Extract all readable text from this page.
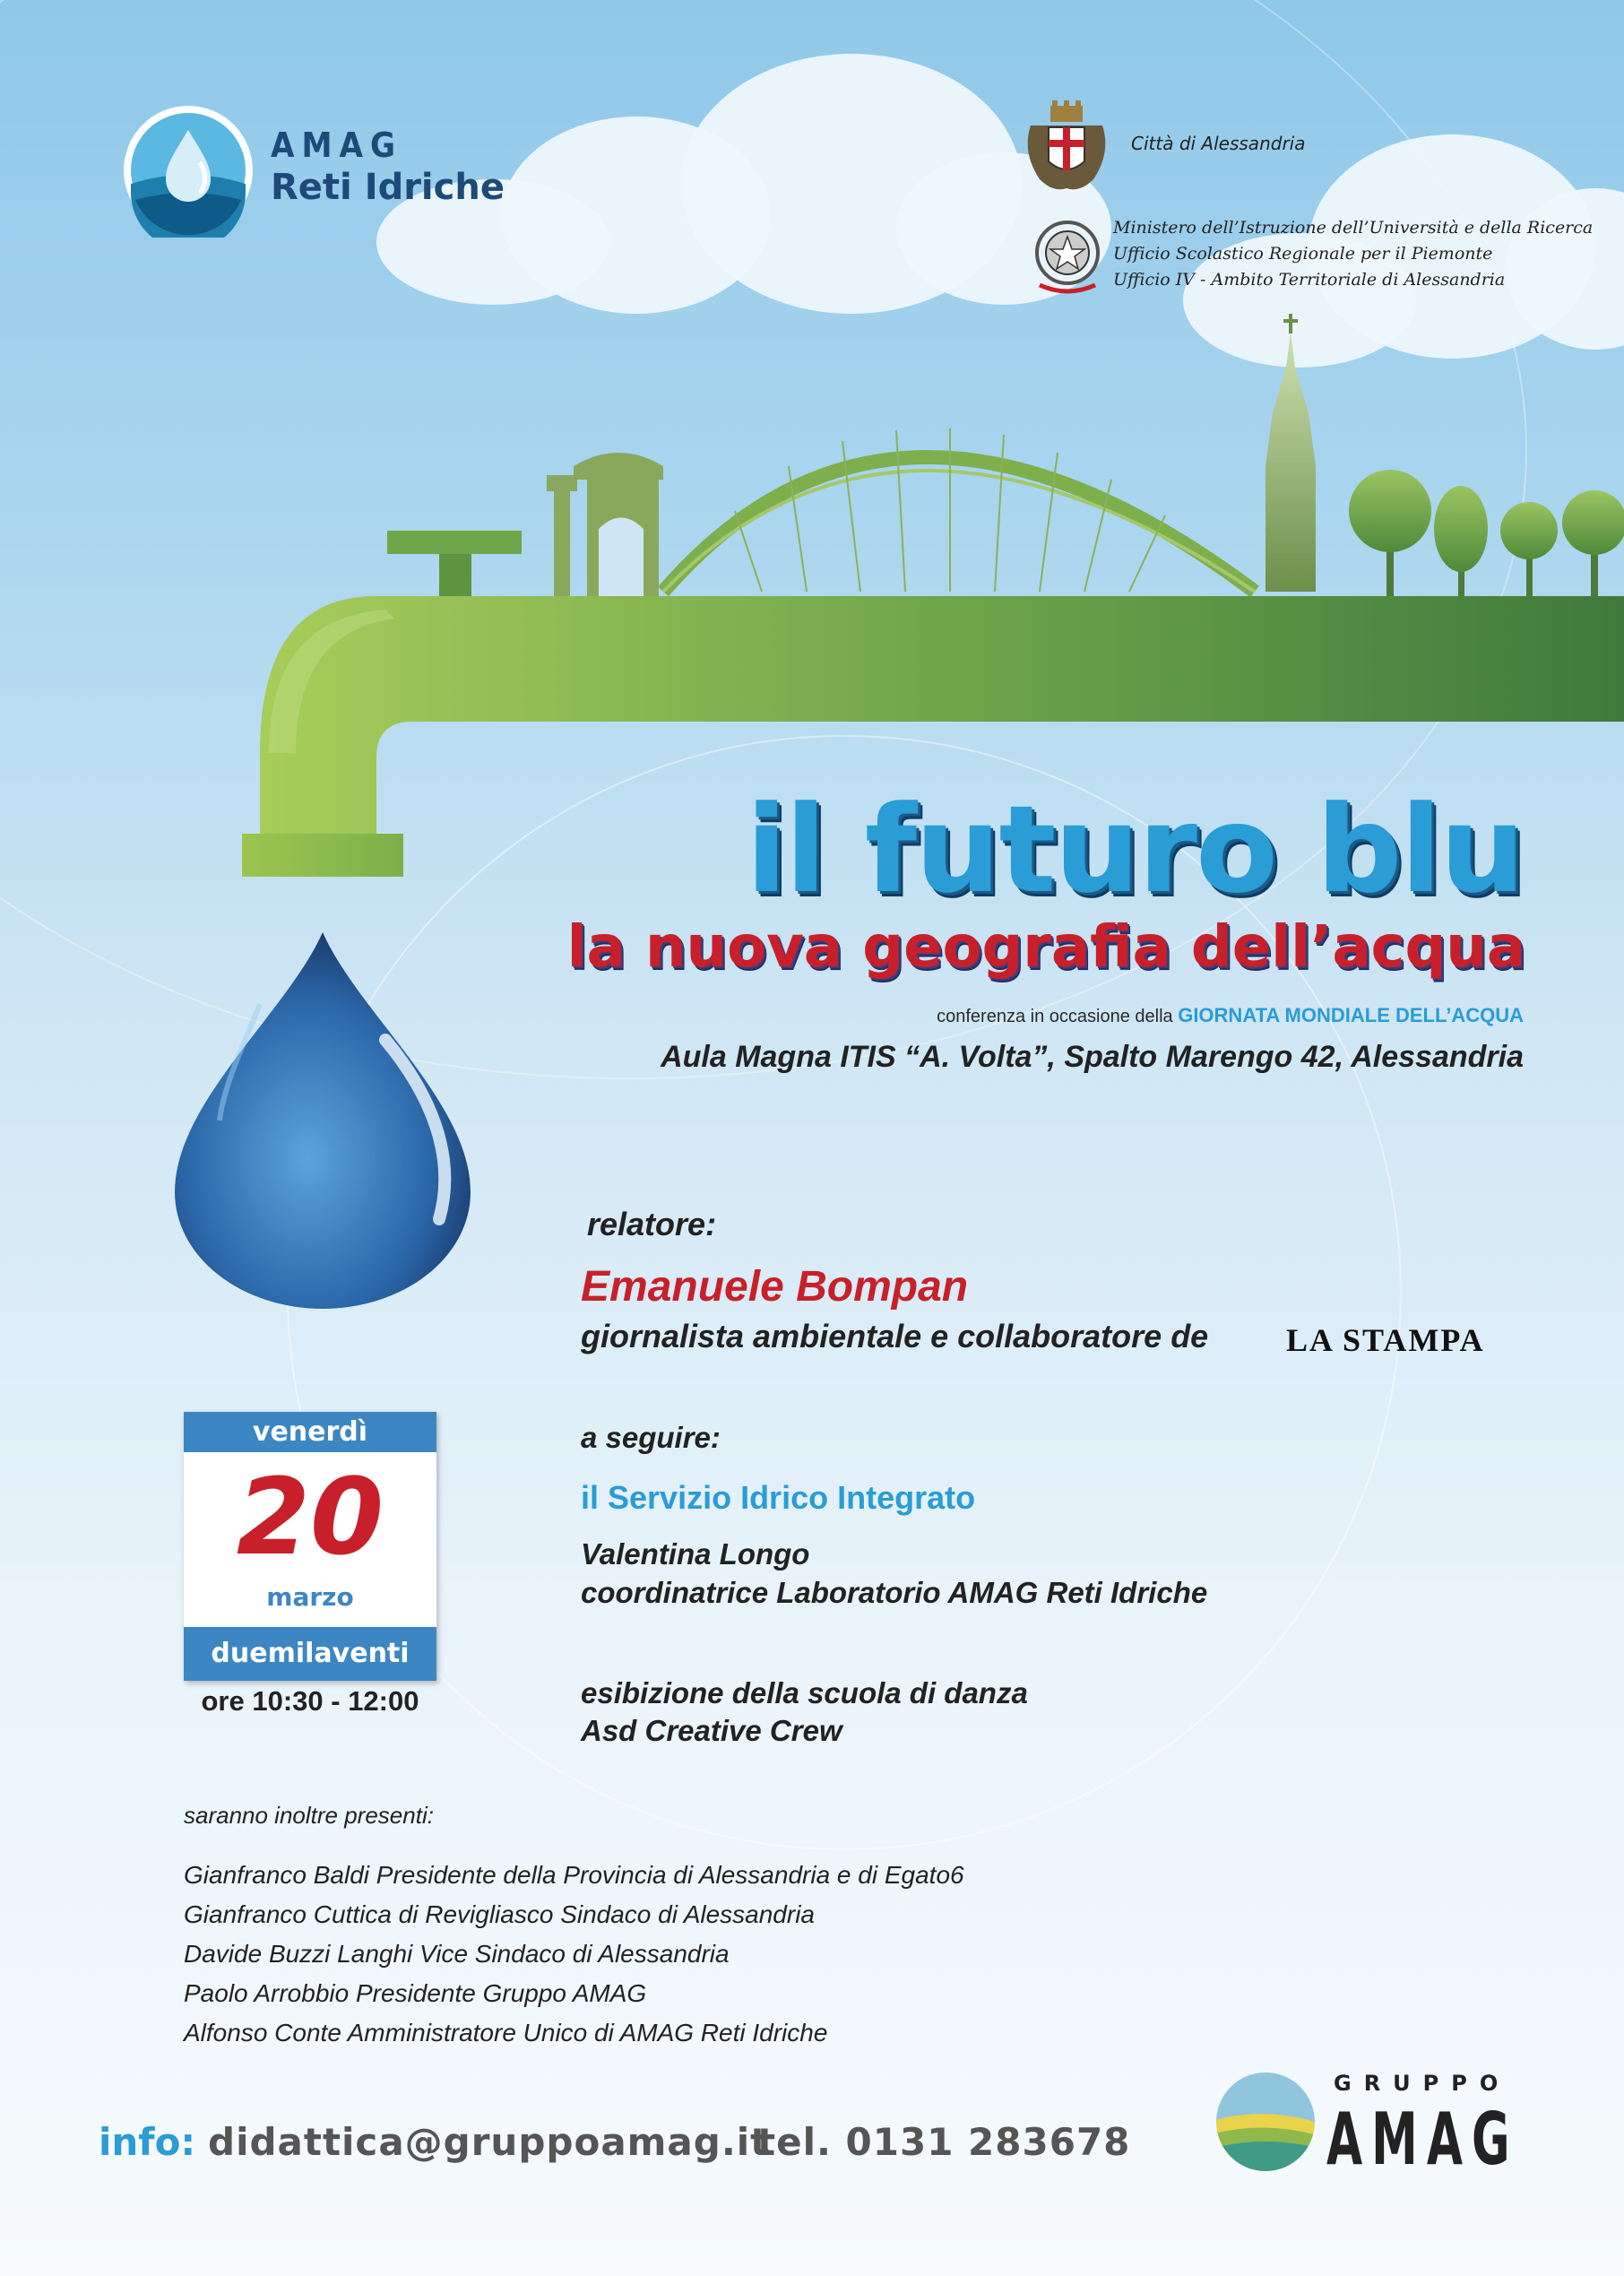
AMAG
Reti Idriche
Città di Alessandria
Ministero dell’Istruzione dell’Università e della Ricerca
Ufficio Scolastico Regionale per il Piemonte
Ufficio IV - Ambito Territoriale di Alessandria
il futuro blu
la nuova geografia dell’acqua
conferenza in occasione della GIORNATA MONDIALE DELL’ACQUA
Aula Magna ITIS “A. Volta”, Spalto Marengo 42, Alessandria
relatore:
Emanuele Bompan
giornalista ambientale e collaboratore de LA STAMPA
a seguire:
il Servizio Idrico Integrato
Valentina Longo
coordinatrice Laboratorio AMAG Reti Idriche
esibizione della scuola di danza
Asd Creative Crew
venerdì
20
marzo
duemilaventi
ore 10:30 - 12:00
saranno inoltre presenti:
Gianfranco Baldi Presidente della Provincia di Alessandria e di Egato6
Gianfranco Cuttica di Revigliasco Sindaco di Alessandria
Davide Buzzi Langhi Vice Sindaco di Alessandria
Paolo Arrobbio Presidente Gruppo AMAG
Alfonso Conte Amministratore Unico di AMAG Reti Idriche
info: didattica@gruppoamag.it
tel. 0131 283678
GRUPPO
AMAG
